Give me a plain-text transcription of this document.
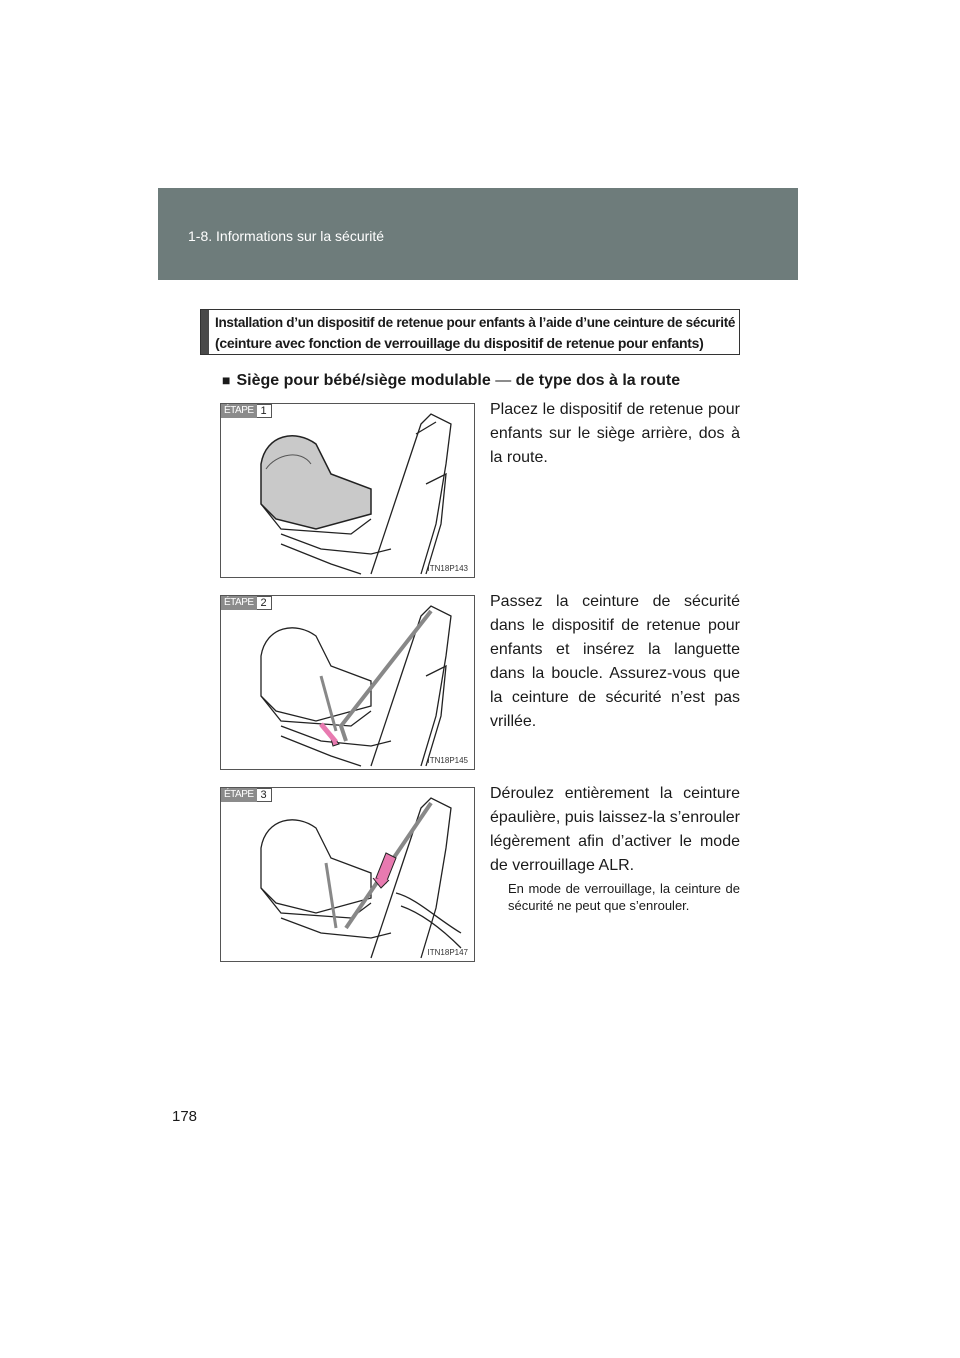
1-8. Informations sur la sécurité
Installation d’un dispositif de retenue pour enfants à l’aide d’une ceinture de sécurité
(ceinture avec fonction de verrouillage du dispositif de retenue pour enfants)
■ Siège pour bébé/siège modulable — de type dos à la route
ÉTAPE 1
ITN18P143
Placez le dispositif de retenue pour enfants sur le siège arrière, dos à la route.
ÉTAPE 2
ITN18P145
Passez la ceinture de sécurité dans le dispositif de retenue pour enfants et insérez la languette dans la boucle. Assurez-vous que la ceinture de sécurité n’est pas vrillée.
ÉTAPE 3
ITN18P147
Déroulez entièrement la ceinture épaulière, puis laissez-la s’enrouler légèrement afin d’activer le mode de verrouillage ALR.
En mode de verrouillage, la ceinture de sécurité ne peut que s’enrouler.
178
